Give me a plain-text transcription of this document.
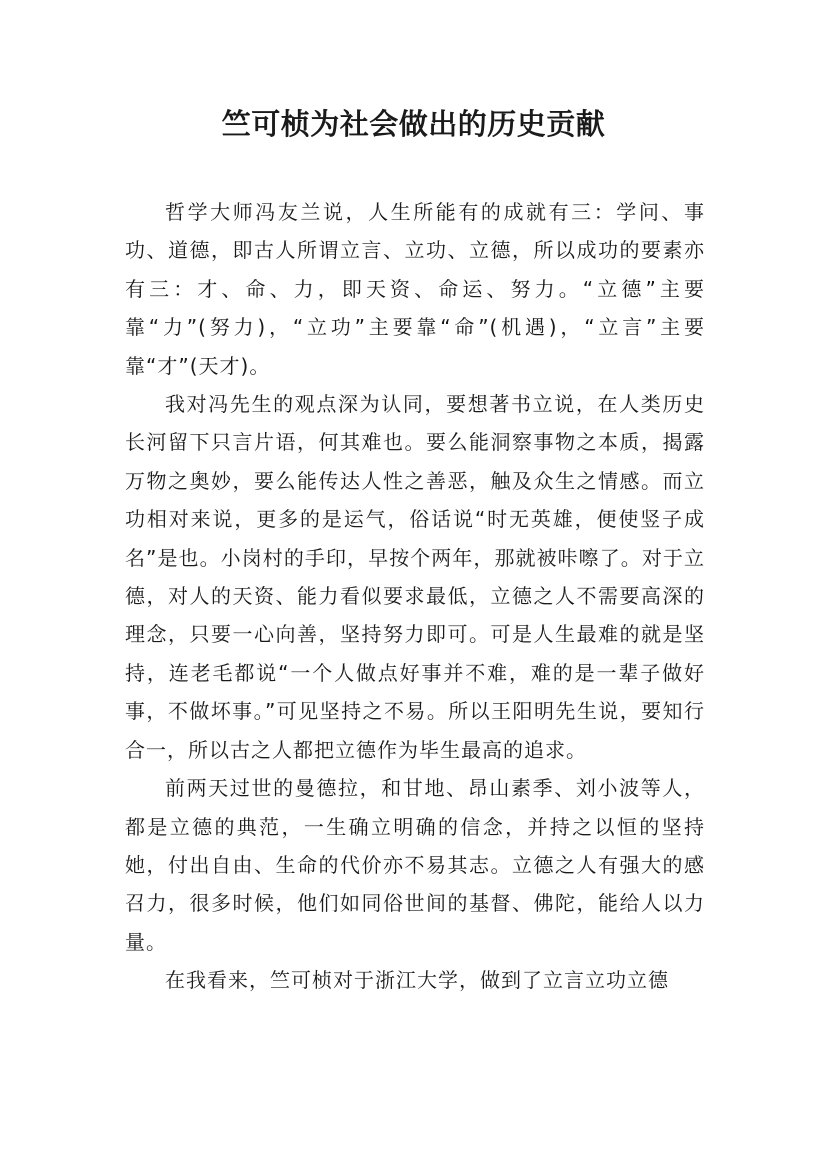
竺可桢为社会做出的历史贡献

哲学大师冯友兰说，人生所能有的成就有三：学问、事功、道德，即古人所谓立言、立功、立德，所以成功的要素亦有三：才、命、力，即天资、命运、努力。“立德”主要靠“力”(努力)，“立功”主要靠“命”(机遇)，“立言”主要靠“才”(天才)。

我对冯先生的观点深为认同，要想著书立说，在人类历史长河留下只言片语，何其难也。要么能洞察事物之本质，揭露万物之奥妙，要么能传达人性之善恶，触及众生之情感。而立功相对来说，更多的是运气，俗话说“时无英雄，便使竖子成名”是也。小岗村的手印，早按个两年，那就被咔嚓了。对于立德，对人的天资、能力看似要求最低，立德之人不需要高深的理念，只要一心向善，坚持努力即可。可是人生最难的就是坚持，连老毛都说“一个人做点好事并不难，难的是一辈子做好事，不做坏事。”可见坚持之不易。所以王阳明先生说，要知行合一，所以古之人都把立德作为毕生最高的追求。

前两天过世的曼德拉，和甘地、昂山素季、刘小波等人，都是立德的典范，一生确立明确的信念，并持之以恒的坚持她，付出自由、生命的代价亦不易其志。立德之人有强大的感召力，很多时候，他们如同俗世间的基督、佛陀，能给人以力量。

在我看来，竺可桢对于浙江大学，做到了立言立功立德
